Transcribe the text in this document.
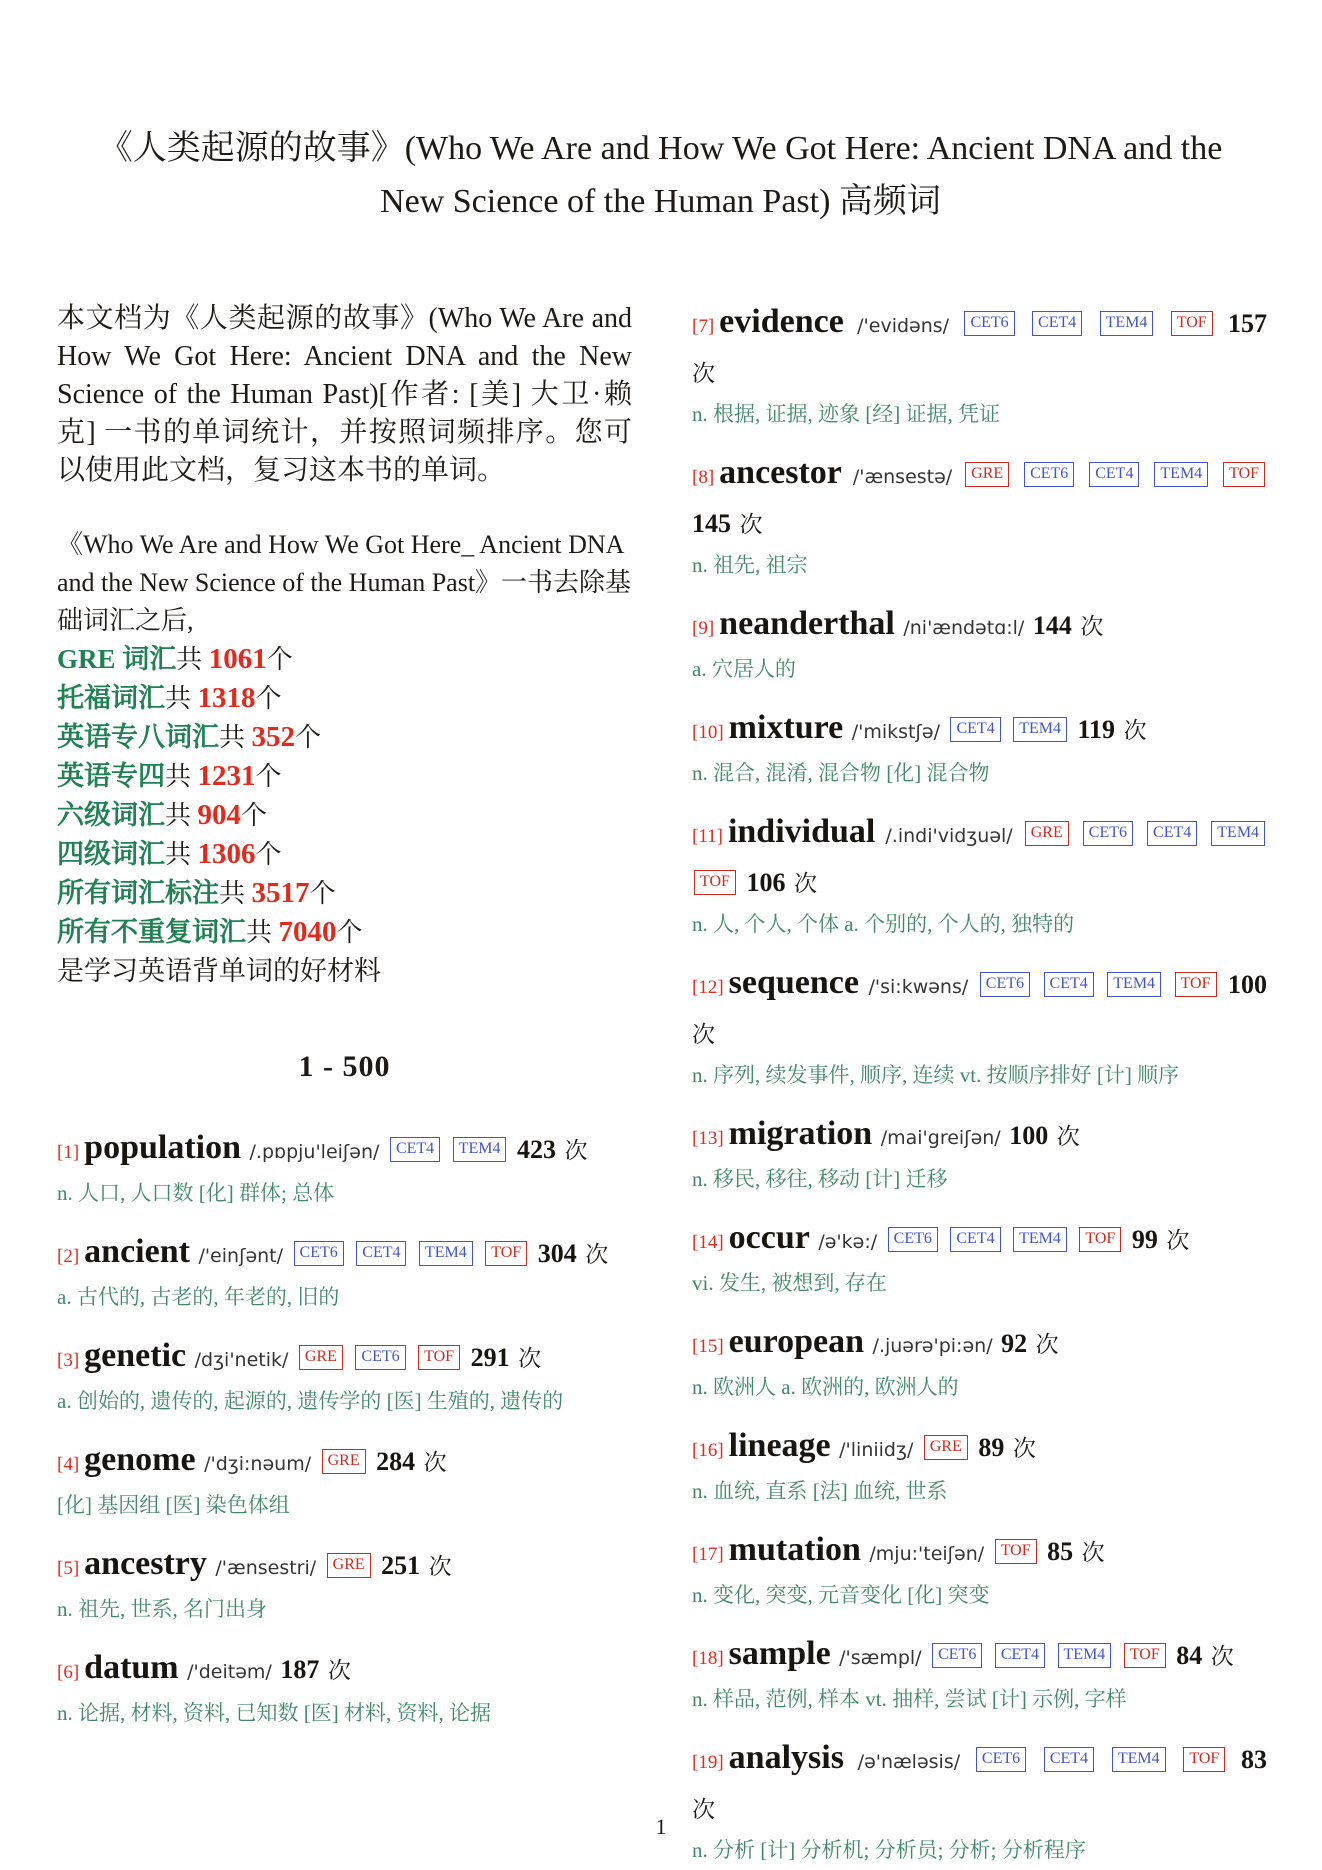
《人类起源的故事》(Who We Are and How We Got Here: Ancient DNA and the New Science of the Human Past) 高频词

本文档为《人类起源的故事》(Who We Are and How We Got Here: Ancient DNA and the New Science of the Human Past)[作者: [美] 大卫·赖克] 一书的单词统计，并按照词频排序。您可以使用此文档，复习这本书的单词。

《Who We Are and How We Got Here_ Ancient DNA and the New Science of the Human Past》一书去除基础词汇之后,
GRE 词汇共 1061个
托福词汇共 1318个
英语专八词汇共 352个
英语专四共 1231个
六级词汇共 904个
四级词汇共 1306个
所有词汇标注共 3517个
所有不重复词汇共 7040个
是学习英语背单词的好材料
1 - 500
[1] population /.pɒpju'leiʃən/ CET4 TEM4 423 次
n. 人口, 人口数 [化] 群体; 总体
[2] ancient /'einʃənt/ CET6 CET4 TEM4 TOF 304 次
a. 古代的, 古老的, 年老的, 旧的
[3] genetic /dʒi'netik/ GRE CET6 TOF 291 次
a. 创始的, 遗传的, 起源的, 遗传学的 [医] 生殖的, 遗传的
[4] genome /'dʒi:nəum/ GRE 284 次
[化] 基因组 [医] 染色体组
[5] ancestry /'ænsestri/ GRE 251 次
n. 祖先, 世系, 名门出身
[6] datum /'deitəm/ 187 次
n. 论据, 材料, 资料, 已知数 [医] 材料, 资料, 论据
[7] evidence /'evidəns/ CET6 CET4 TEM4 TOF 157 次
n. 根据, 证据, 迹象 [经] 证据, 凭证
[8] ancestor /'ænsestə/ GRE CET6 CET4 TEM4 TOF 145 次
n. 祖先, 祖宗
[9] neanderthal /ni'ændətɑ:l/ 144 次
a. 穴居人的
[10] mixture /'mikstʃə/ CET4 TEM4 119 次
n. 混合, 混淆, 混合物 [化] 混合物
[11] individual /.indi'vidʒuəl/ GRE CET6 CET4 TEM4 TOF 106 次
n. 人, 个人, 个体 a. 个别的, 个人的, 独特的
[12] sequence /'si:kwəns/ CET6 CET4 TEM4 TOF 100 次
n. 序列, 续发事件, 顺序, 连续 vt. 按顺序排好 [计] 顺序
[13] migration /mai'greiʃən/ 100 次
n. 移民, 移往, 移动 [计] 迁移
[14] occur /ə'kə:/ CET6 CET4 TEM4 TOF 99 次
vi. 发生, 被想到, 存在
[15] european /.juərə'pi:ən/ 92 次
n. 欧洲人 a. 欧洲的, 欧洲人的
[16] lineage /'liniidʒ/ GRE 89 次
n. 血统, 直系 [法] 血统, 世系
[17] mutation /mju:'teiʃən/ TOF 85 次
n. 变化, 突变, 元音变化 [化] 突变
[18] sample /'sæmpl/ CET6 CET4 TEM4 TOF 84 次
n. 样品, 范例, 样本 vt. 抽样, 尝试 [计] 示例, 字样
[19] analysis /ə'næləsis/ CET6 CET4 TEM4 TOF 83 次
n. 分析 [计] 分析机; 分析员; 分析; 分析程序
1
